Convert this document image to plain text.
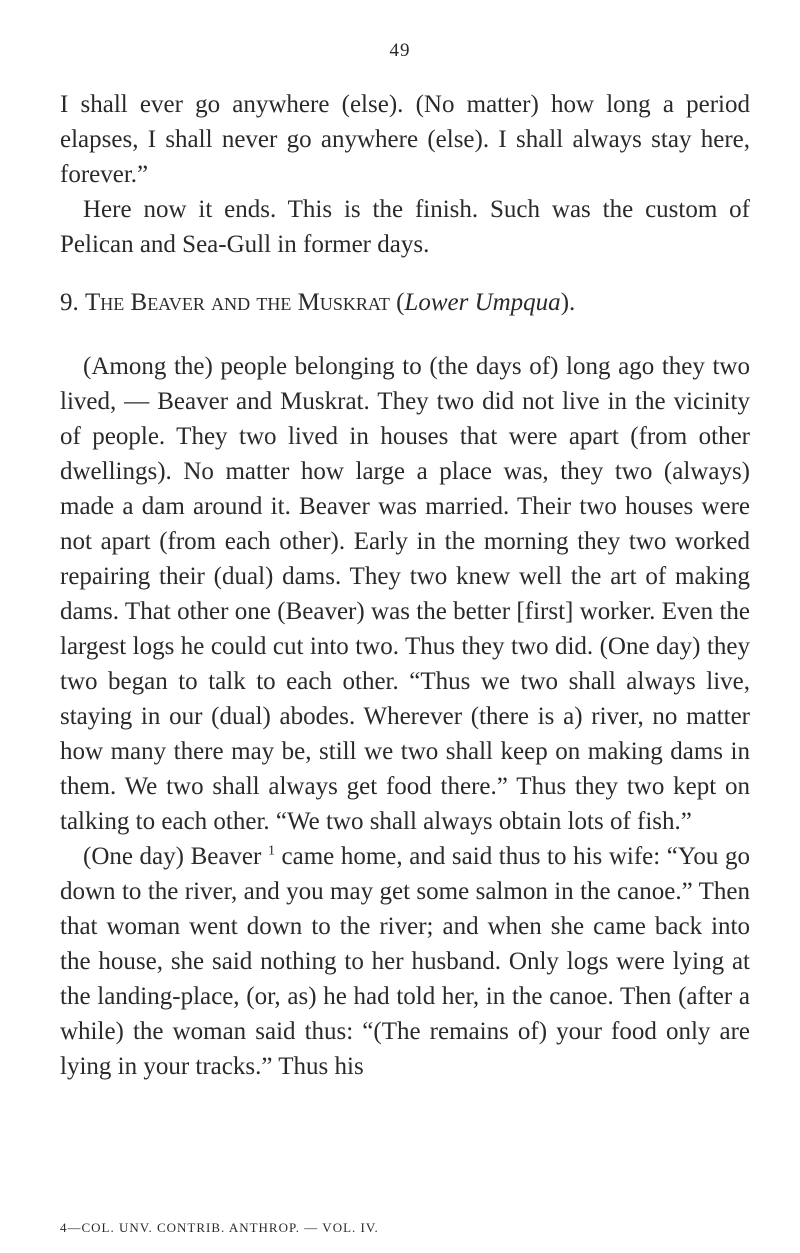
49

I shall ever go anywhere (else). (No matter) how long a period elapses, I shall never go anywhere (else). I shall always stay here, forever.”

Here now it ends. This is the finish. Such was the custom of Pelican and Sea-Gull in former days.

9. The Beaver and the Muskrat (Lower Umpqua).

(Among the) people belonging to (the days of) long ago they two lived, — Beaver and Muskrat. They two did not live in the vicinity of people. They two lived in houses that were apart (from other dwellings). No matter how large a place was, they two (always) made a dam around it. Beaver was married. Their two houses were not apart (from each other). Early in the morning they two worked repairing their (dual) dams. They two knew well the art of making dams. That other one (Beaver) was the better [first] worker. Even the largest logs he could cut into two. Thus they two did. (One day) they two began to talk to each other. “Thus we two shall always live, staying in our (dual) abodes. Wherever (there is a) river, no matter how many there may be, still we two shall keep on making dams in them. We two shall always get food there.” Thus they two kept on talking to each other. “We two shall always obtain lots of fish.”

(One day) Beaver $^1$ came home, and said thus to his wife: “You go down to the river, and you may get some salmon in the canoe.” Then that woman went down to the river; and when she came back into the house, she said nothing to her husband. Only logs were lying at the landing-place, (or, as) he had told her, in the canoe. Then (after a while) the woman said thus: “(The remains of) your food only are lying in your tracks.” Thus his

4—COL. UNV. CONTRIB. ANTHROP. — VOL. IV.
